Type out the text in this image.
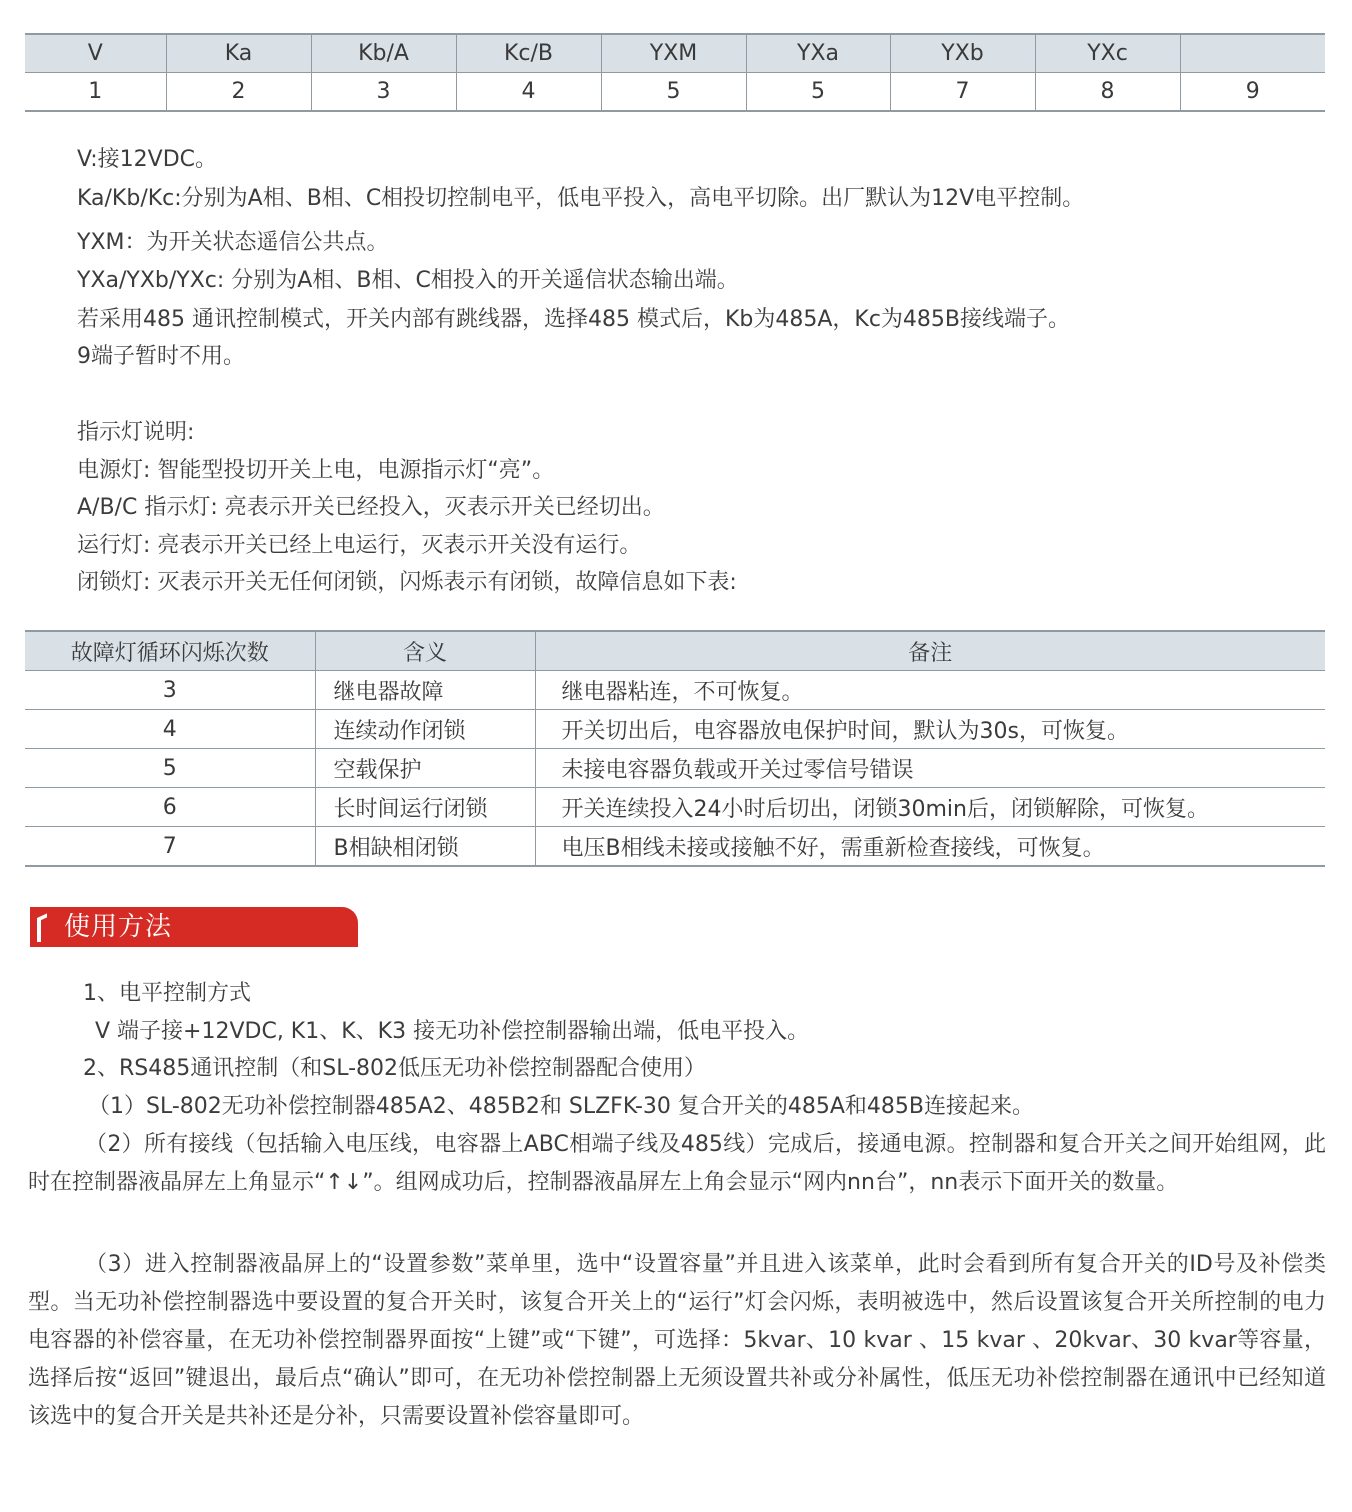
V	Ka	Kb/A	Kc/B	YXM	YXa	YXb	YXc	
1	2	3	4	5	5	7	8	9
V:接12VDC。
Ka/Kb/Kc:分别为A相、B相、C相投切控制电平，低电平投入，高电平切除。出厂默认为12V电平控制。
YXM：为开关状态遥信公共点。
YXa/YXb/YXc: 分别为A相、B相、C相投入的开关遥信状态输出端。
若采用485 通讯控制模式，开关内部有跳线器，选择485 模式后，Kb为485A，Kc为485B接线端子。
9端子暂时不用。
指示灯说明:
电源灯: 智能型投切开关上电，电源指示灯“亮”。
A/B/C 指示灯: 亮表示开关已经投入，灭表示开关已经切出。
运行灯: 亮表示开关已经上电运行，灭表示开关没有运行。
闭锁灯: 灭表示开关无任何闭锁，闪烁表示有闭锁，故障信息如下表:
故障灯循环闪烁次数	含义	备注
3	继电器故障	继电器粘连，不可恢复。
4	连续动作闭锁	开关切出后，电容器放电保护时间，默认为30s，可恢复。
5	空载保护	未接电容器负载或开关过零信号错误
6	长时间运行闭锁	开关连续投入24小时后切出，闭锁30min后，闭锁解除，可恢复。
7	B相缺相闭锁	电压B相线未接或接触不好，需重新检查接线，可恢复。
使用方法
1、电平控制方式
V 端子接+12VDC, K1、K、K3 接无功补偿控制器输出端，低电平投入。
2、RS485通讯控制（和SL-802低压无功补偿控制器配合使用）
（1）SL-802无功补偿控制器485A2、485B2和 SLZFK-30 复合开关的485A和485B连接起来。
（2）所有接线（包括输入电压线，电容器上ABC相端子线及485线）完成后，接通电源。控制器和复合开关之间开始组网，此时在控制器液晶屏左上角显示“↑↓”。组网成功后，控制器液晶屏左上角会显示“网内nn台”，nn表示下面开关的数量。
（3）进入控制器液晶屏上的“设置参数”菜单里，选中“设置容量”并且进入该菜单，此时会看到所有复合开关的ID号及补偿类型。当无功补偿控制器选中要设置的复合开关时，该复合开关上的“运行”灯会闪烁，表明被选中，然后设置该复合开关所控制的电力电容器的补偿容量，在无功补偿控制器界面按“上键”或“下键”，可选择：5kvar、10 kvar 、15 kvar 、20kvar、30 kvar等容量，选择后按“返回”键退出，最后点“确认”即可，在无功补偿控制器上无须设置共补或分补属性，低压无功补偿控制器在通讯中已经知道该选中的复合开关是共补还是分补，只需要设置补偿容量即可。
